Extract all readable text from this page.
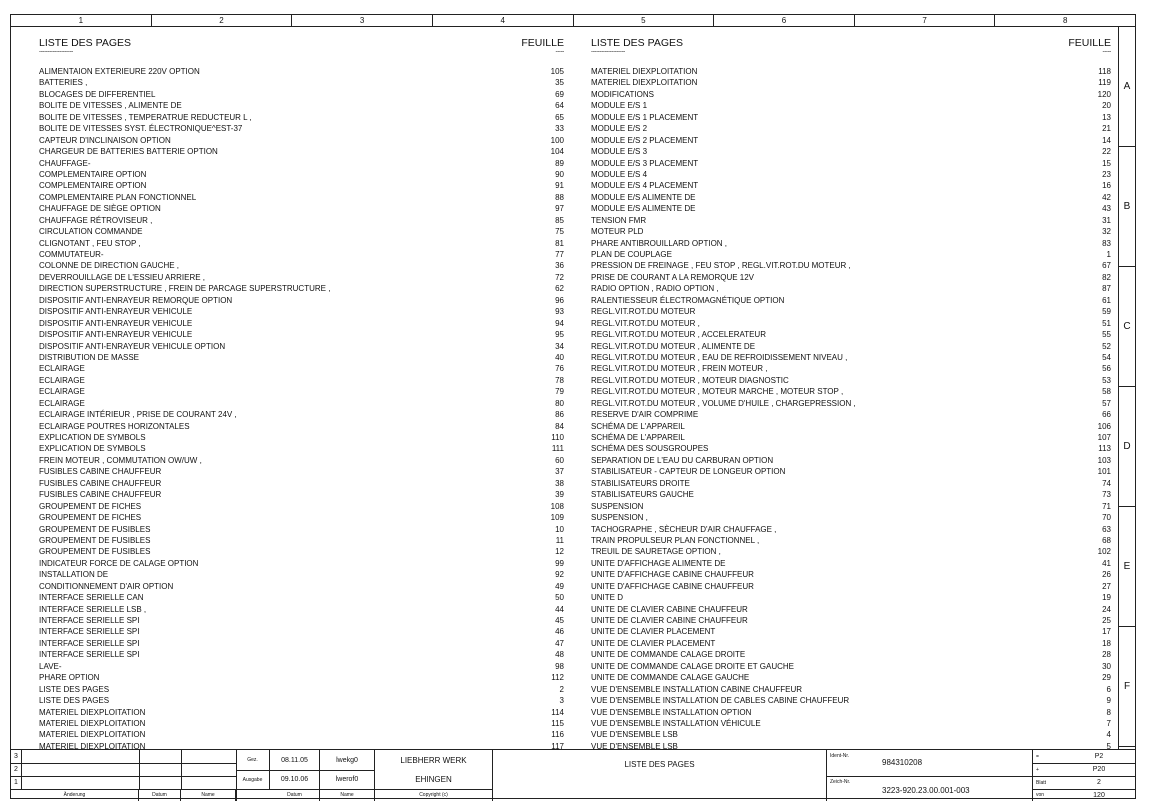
1	2	3	4	5	6	7	8
A
B
C
D
E
F
LISTE DES PAGES
--------------------
FEUILLE
-----
ALIMENTAION EXTERIEURE 220V OPTION	105
BATTERIES ,	35
BLOCAGES DE DIFFERENTIEL	69
BOLITE DE VITESSES , ALIMENTE DE	64
BOLITE DE VITESSES , TEMPERATRUE REDUCTEUR L ,	65
BOLITE DE VITESSES SYST. ÉLECTRONIQUE^EST-37	33
CAPTEUR D'INCLINAISON OPTION	100
CHARGEUR DE BATTERIES BATTERIE OPTION	104
CHAUFFAGE-	89
COMPLEMENTAIRE OPTION	90
COMPLEMENTAIRE OPTION	91
COMPLEMENTAIRE PLAN FONCTIONNEL	88
CHAUFFAGE DE SIÈGE OPTION	97
CHAUFFAGE RÉTROVISEUR ,	85
CIRCULATION COMMANDE	75
CLIGNOTANT , FEU STOP ,	81
COMMUTATEUR-	77
COLONNE DE DIRECTION GAUCHE ,	36
DEVERROUILLAGE DE L'ESSIEU ARRIERE ,	72
DIRECTION SUPERSTRUCTURE , FREIN DE PARCAGE SUPERSTRUCTURE ,	62
DISPOSITIF ANTI-ENRAYEUR REMORQUE OPTION	96
DISPOSITIF ANTI-ENRAYEUR VEHICULE	93
DISPOSITIF ANTI-ENRAYEUR VEHICULE	94
DISPOSITIF ANTI-ENRAYEUR VEHICULE	95
DISPOSITIF ANTI-ENRAYEUR VEHICULE OPTION	34
DISTRIBUTION DE MASSE	40
ECLAIRAGE	76
ECLAIRAGE	78
ECLAIRAGE	79
ECLAIRAGE	80
ECLAIRAGE INTÉRIEUR , PRISE DE COURANT 24V ,	86
ECLAIRAGE POUTRES HORIZONTALES	84
EXPLICATION DE SYMBOLS	110
EXPLICATION DE SYMBOLS	111
FREIN MOTEUR , COMMUTATION OW/UW ,	60
FUSIBLES CABINE CHAUFFEUR	37
FUSIBLES CABINE CHAUFFEUR	38
FUSIBLES CABINE CHAUFFEUR	39
GROUPEMENT DE FICHES	108
GROUPEMENT DE FICHES	109
GROUPEMENT DE FUSIBLES	10
GROUPEMENT DE FUSIBLES	11
GROUPEMENT DE FUSIBLES	12
INDICATEUR FORCE DE CALAGE OPTION	99
INSTALLATION DE	92
CONDITIONNEMENT D'AIR OPTION	49
INTERFACE SERIELLE CAN	50
INTERFACE SERIELLE LSB ,	44
INTERFACE SERIELLE SPI	45
INTERFACE SERIELLE SPI	46
INTERFACE SERIELLE SPI	47
INTERFACE SERIELLE SPI	48
LAVE-	98
PHARE OPTION	112
LISTE DES PAGES	2
LISTE DES PAGES	3
MATERIEL DIEXPLOITATION	114
MATERIEL DIEXPLOITATION	115
MATERIEL DIEXPLOITATION	116
MATERIEL DIEXPLOITATION	117
LISTE DES PAGES
--------------------
FEUILLE
-----
MATERIEL DIEXPLOITATION	118
MATERIEL DIEXPLOITATION	119
MODIFICATIONS	120
MODULE E/S 1	20
MODULE E/S 1 PLACEMENT	13
MODULE E/S 2	21
MODULE E/S 2 PLACEMENT	14
MODULE E/S 3	22
MODULE E/S 3 PLACEMENT	15
MODULE E/S 4	23
MODULE E/S 4 PLACEMENT	16
MODULE E/S ALIMENTE DE	42
MODULE E/S ALIMENTE DE	43
TENSION FMR	31
MOTEUR PLD	32
PHARE ANTIBROUILLARD OPTION ,	83
PLAN DE COUPLAGE	1
PRESSION DE FREINAGE , FEU STOP , REGL.VIT.ROT.DU MOTEUR ,	67
PRISE DE COURANT A LA REMORQUE 12V	82
RADIO OPTION , RADIO OPTION ,	87
RALENTIESSEUR ÉLECTROMAGNÉTIQUE OPTION	61
REGL.VIT.ROT.DU MOTEUR	59
REGL.VIT.ROT.DU MOTEUR ,	51
REGL.VIT.ROT.DU MOTEUR , ACCELERATEUR	55
REGL.VIT.ROT.DU MOTEUR , ALIMENTE DE	52
REGL.VIT.ROT.DU MOTEUR , EAU DE REFROIDISSEMENT NIVEAU ,	54
REGL.VIT.ROT.DU MOTEUR , FREIN MOTEUR ,	56
REGL.VIT.ROT.DU MOTEUR , MOTEUR DIAGNOSTIC	53
REGL.VIT.ROT.DU MOTEUR , MOTEUR MARCHE , MOTEUR STOP ,	58
REGL.VIT.ROT.DU MOTEUR , VOLUME D'HUILE , CHARGEPRESSION ,	57
RESERVE D'AIR COMPRIME	66
SCHÉMA DE L'APPAREIL	106
SCHÉMA DE L'APPAREIL	107
SCHÉMA DES SOUSGROUPES	113
SEPARATION DE L'EAU DU CARBURAN OPTION	103
STABILISATEUR - CAPTEUR DE LONGEUR OPTION	101
STABILISATEURS DROITE	74
STABILISATEURS GAUCHE	73
SUSPENSION	71
SUSPENSION ,	70
TACHOGRAPHE , SÈCHEUR D'AIR CHAUFFAGE ,	63
TRAIN PROPULSEUR PLAN FONCTIONNEL ,	68
TREUIL DE SAURETAGE OPTION ,	102
UNITE D'AFFICHAGE ALIMENTE DE	41
UNITE D'AFFICHAGE CABINE CHAUFFEUR	26
UNITE D'AFFICHAGE CABINE CHAUFFEUR	27
UNITE D	19
UNITE DE CLAVIER CABINE CHAUFFEUR	24
UNITE DE CLAVIER CABINE CHAUFFEUR	25
UNITE DE CLAVIER PLACEMENT	17
UNITE DE CLAVIER PLACEMENT	18
UNITE DE COMMANDE CALAGE DROITE	28
UNITE DE COMMANDE CALAGE DROITE ET GAUCHE	30
UNITE DE COMMANDE CALAGE GAUCHE	29
VUE D'ENSEMBLE INSTALLATION CABINE CHAUFFEUR	6
VUE D'ENSEMBLE INSTALLATION DE CABLES CABINE CHAUFFEUR	9
VUE D'ENSEMBLE INSTALLATION OPTION	8
VUE D'ENSEMBLE INSTALLATION VÉHICULE	7
VUE D'ENSEMBLE LSB	4
VUE D'ENSEMBLE LSB	5
3
2
1
Änderung	Datum	Name
Gez.	08.11.05	lwekg0
Ausgabe	09.10.06	lwerof0
Datum	Name
LIEBHERR WERK
EHINGEN
Copyright (c)
LISTE DES PAGES
Ident-Nr.
984310208
Zeich-Nr.
3223-920.23.00.001-003
=	P2
+	P20
Blatt	2
von	120
